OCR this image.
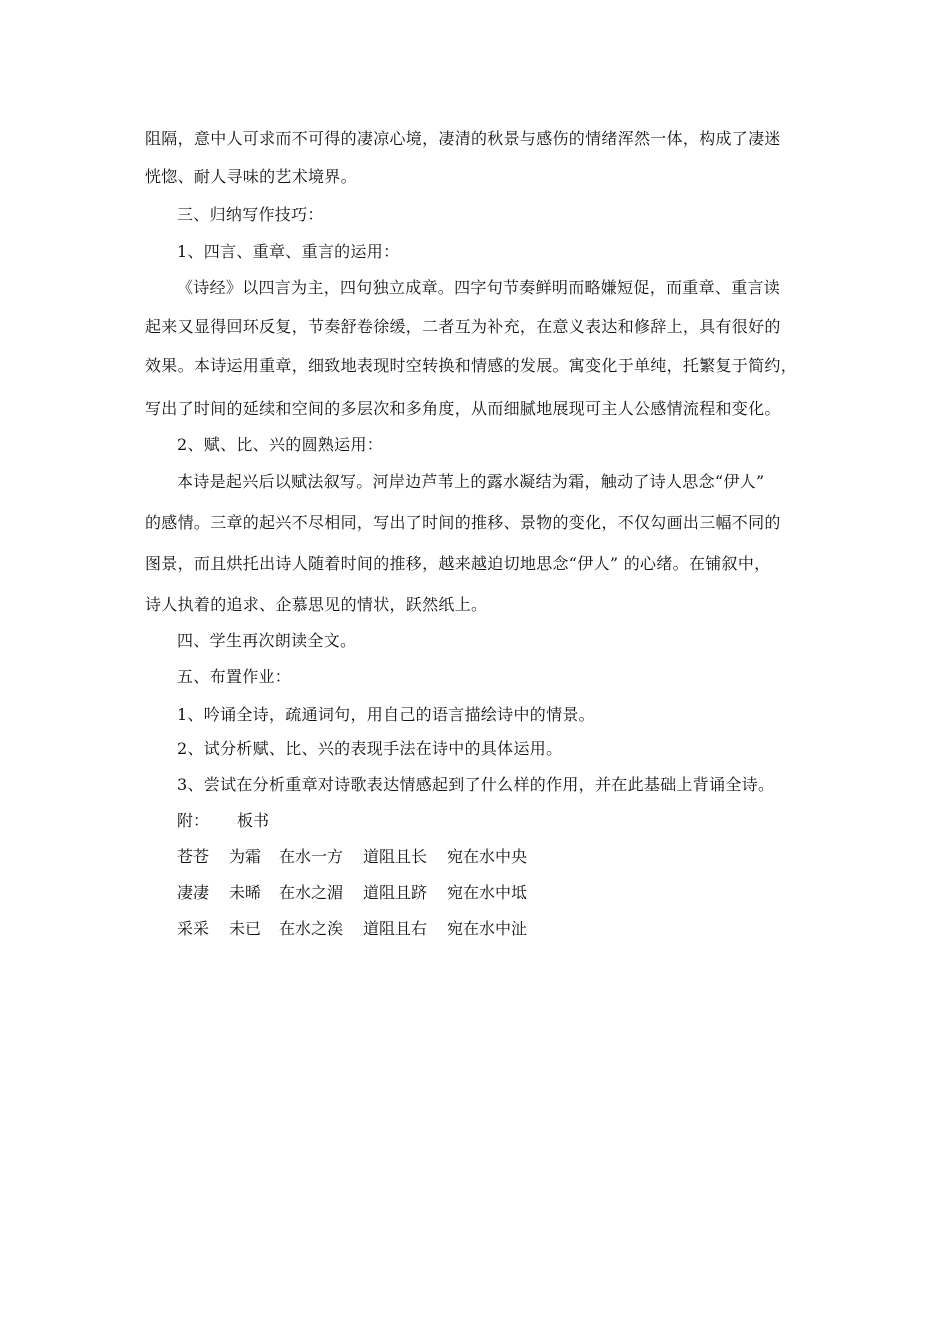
阻隔，意中人可求而不可得的凄凉心境，凄清的秋景与感伤的情绪浑然一体，构成了凄迷
恍惚、耐人寻味的艺术境界。
三、归纳写作技巧：
1、四言、重章、重言的运用：
《诗经》以四言为主，四句独立成章。四字句节奏鲜明而略嫌短促，而重章、重言读
起来又显得回环反复，节奏舒卷徐缓，二者互为补充，在意义表达和修辞上，具有很好的
效果。本诗运用重章，细致地表现时空转换和情感的发展。寓变化于单纯，托繁复于简约，
写出了时间的延续和空间的多层次和多角度，从而细腻地展现可主人公感情流程和变化。
2、赋、比、兴的圆熟运用：
本诗是起兴后以赋法叙写。河岸边芦苇上的露水凝结为霜，触动了诗人思念“伊人”
的感情。三章的起兴不尽相同，写出了时间的推移、景物的变化，不仅勾画出三幅不同的
图景，而且烘托出诗人随着时间的推移，越来越迫切地思念“伊人” 的心绪。在铺叙中，
诗人执着的追求、企慕思见的情状，跃然纸上。
四、学生再次朗读全文。
五、布置作业：
1、吟诵全诗，疏通词句，用自己的语言描绘诗中的情景。
2、试分析赋、比、兴的表现手法在诗中的具体运用。
3、尝试在分析重章对诗歌表达情感起到了什么样的作用，并在此基础上背诵全诗。
附： 板书
苍苍 为霜 在水一方 道阻且长 宛在水中央
凄凄 未晞 在水之湄 道阻且跻 宛在水中坻
采采 未已 在水之涘 道阻且右 宛在水中沚
